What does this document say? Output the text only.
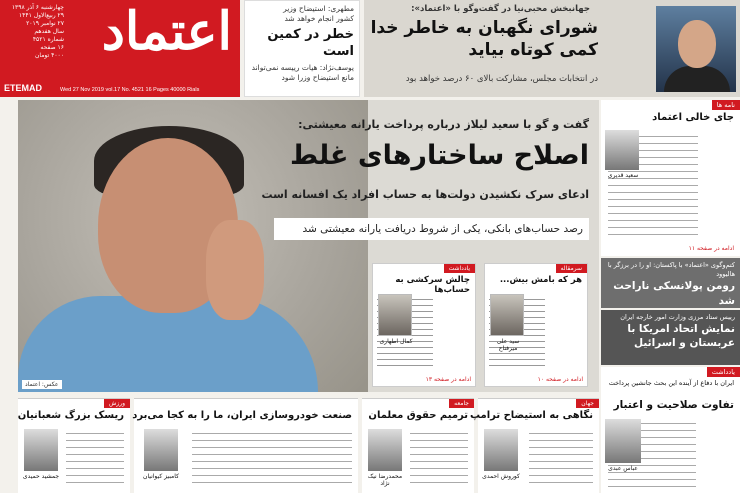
اعتماد
چهارشنبه ۶ آذر ۱۳۹۸
۲۹ ربیع‌الاول ۱۴۴۱
۲۷ نوامبر ۲۰۱۹
سال هفدهم
شماره ۴۵۲۱
۱۶ صفحه
۴۰۰۰ تومان
ETEMAD	Wed 27 Nov 2019 vol.17 No. 4521 16 Pages 40000 Rials
مطهری: استیضاح وزیر
کشور انجام خواهد شد
خطر در کمین است
یوسف‌نژاد: هیات رییسه نمی‌تواند
مانع استیضاح وزرا شود
جهانبخش محبی‌نیا در گفت‌وگو با «اعتماد»:
شورای نگهبان به خاطر خدا کمی کوتاه بیاید
در انتخابات مجلس، مشارکت بالای ۶۰ درصد خواهد بود
عکس: اعتماد
گفت و گو با سعید لیلاز درباره پرداخت یارانه معیشتی:
اصلاح ساختارهای غلط
ادعای سرک نکشیدن دولت‌ها به حساب افراد یک افسانه است
رصد حساب‌های بانکی، یکی از شروط دریافت یارانه معیشتی شد
یادداشت
چالش سرکشی به حساب‌ها
کمال اطهاری
ادامه در صفحه ۱۳
سرمقاله
هر که بامش بیش...
سید علی میرفتاح
ادامه در صفحه ۱۰
نامه ها
جای خالی اعتماد
سعید قدیری
ادامه در صفحه ۱۱
کتم‌وگوی «اعتماد» با پاکستان: او را در برزگر با هالیوود
رومن پولانسکی ناراحت شد
رییس ستاد مرزی وزارت امور خارجه ایران
نمایش اتحاد امریکا با عربستان و اسرائیل
یادداشت
ایران با دفاع از آینده این بحث جانشین پرداخت
تفاوت صلاحیت و اعتبار
عباس عبدی
ورزش
ریسک بزرگ شعبانیان
جمشید حمیدی
صنعت خودروسازی ایران، ما را به کجا می‌برد
کامبیز کیوانیان
جامعه
ترمیم حقوق معلمان
محمدرضا نیک نژاد
جهان
نگاهی به استیضاح ترامپ
کوروش احمدی
